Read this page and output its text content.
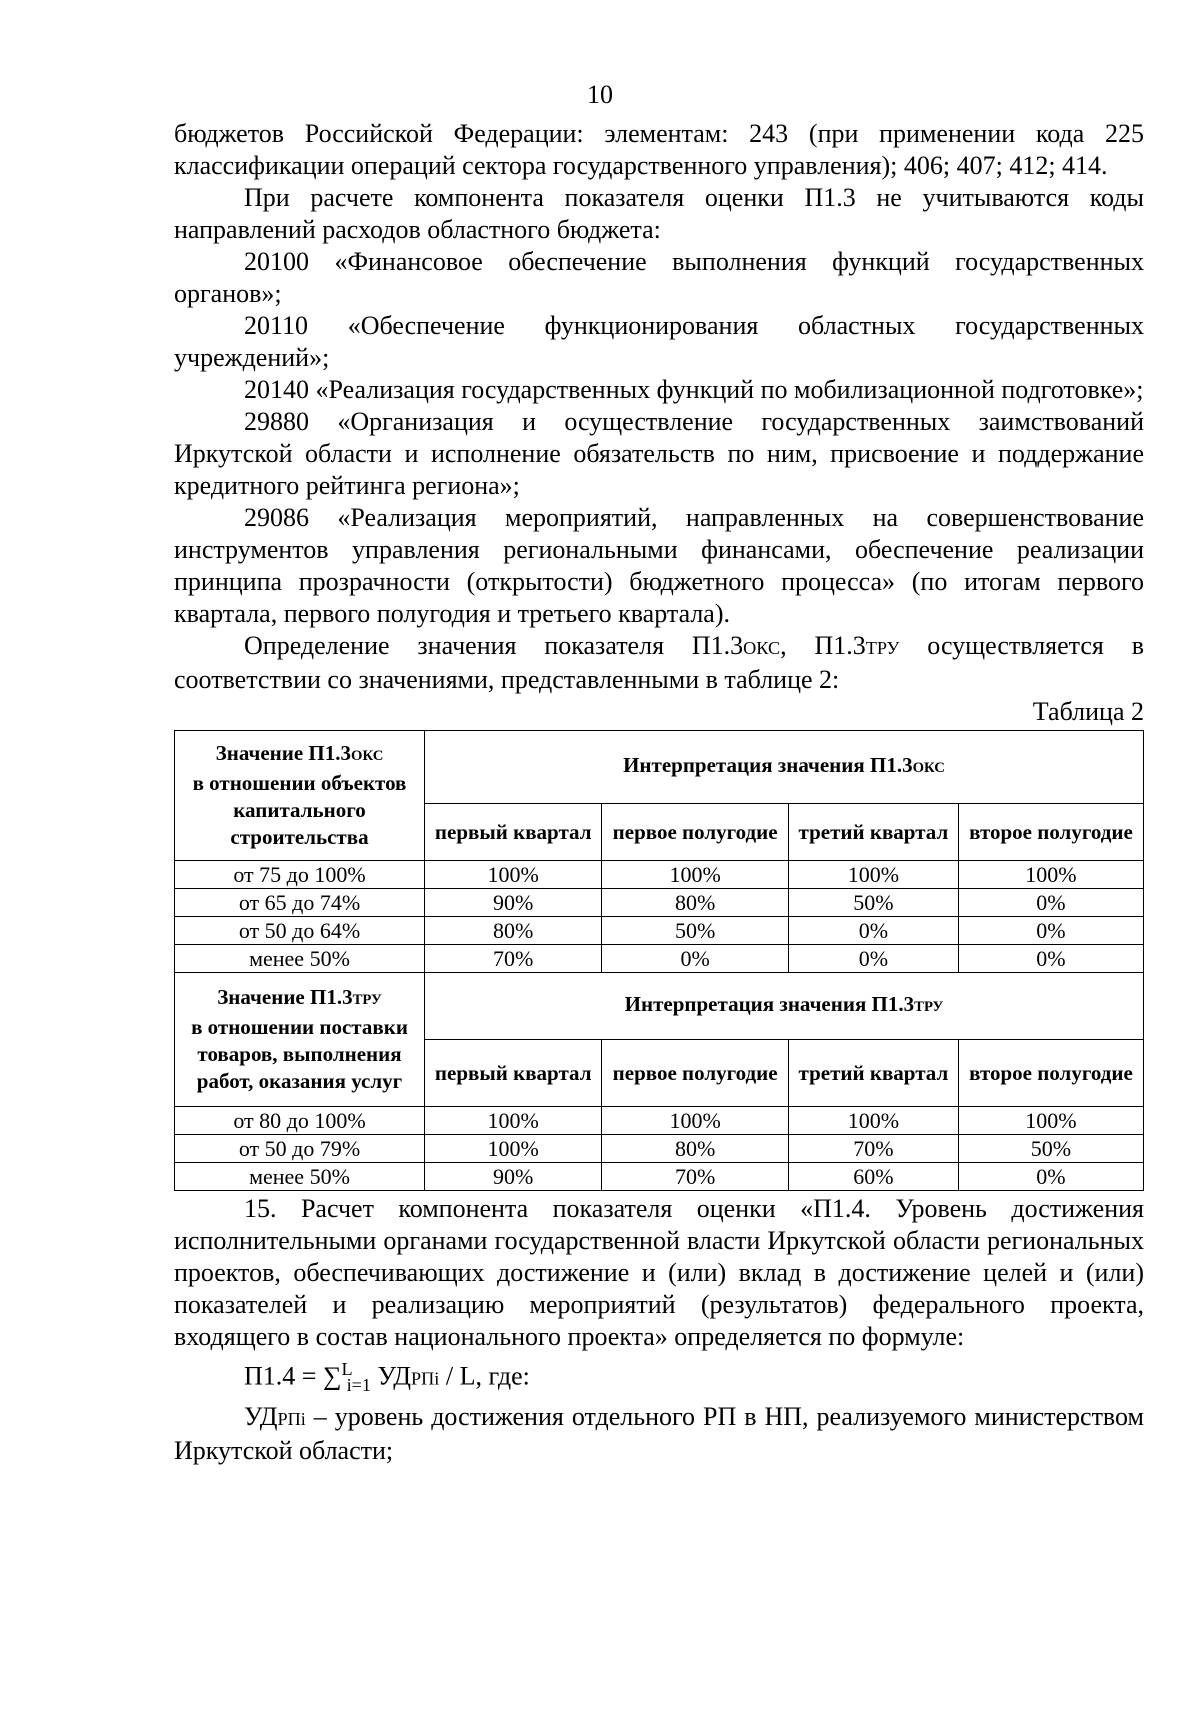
10

бюджетов Российской Федерации: элементам: 243 (при применении кода 225 классификации операций сектора государственного управления); 406; 407; 412; 414.

При расчете компонента показателя оценки П1.3 не учитываются коды направлений расходов областного бюджета:

20100 «Финансовое обеспечение выполнения функций государственных органов»;

20110 «Обеспечение функционирования областных государственных учреждений»;

20140 «Реализация государственных функций по мобилизационной подготовке»;

29880 «Организация и осуществление государственных заимствований Иркутской области и исполнение обязательств по ним, присвоение и поддержание кредитного рейтинга региона»;

29086 «Реализация мероприятий, направленных на совершенствование инструментов управления региональными финансами, обеспечение реализации принципа прозрачности (открытости) бюджетного процесса» (по итогам первого квартала, первого полугодия и третьего квартала).

Определение значения показателя П1.3ОКС, П1.3ТРУ осуществляется в соответствии со значениями, представленными в таблице 2:

Таблица 2

Значение П1.3ОКС
в отношении объектов капитального строительства	Интерпретация значения П1.3ОКС			
	первый квартал	первое полугодие	третий квартал	второе полугодие
от 75 до 100%	100%	100%	100%	100%
от 65 до 74%	90%	80%	50%	0%
от 50 до 64%	80%	50%	0%	0%
менее 50%	70%	0%	0%	0%
Значение П1.3ТРУ
в отношении поставки товаров, выполнения работ, оказания услуг	Интерпретация значения П1.3ТРУ			
	первый квартал	первое полугодие	третий квартал	второе полугодие
от 80 до 100%	100%	100%	100%	100%
от 50 до 79%	100%	80%	70%	50%
менее 50%	90%	70%	60%	0%

15. Расчет компонента показателя оценки «П1.4. Уровень достижения исполнительными органами государственной власти Иркутской области региональных проектов, обеспечивающих достижение и (или) вклад в достижение целей и (или) показателей и реализацию мероприятий (результатов) федерального проекта, входящего в состав национального проекта» определяется по формуле:

П1.4 = ∑$^L_{i=1}$ УДРПi / L, где:

УДРПi – уровень достижения отдельного РП в НП, реализуемого министерством Иркутской области;
